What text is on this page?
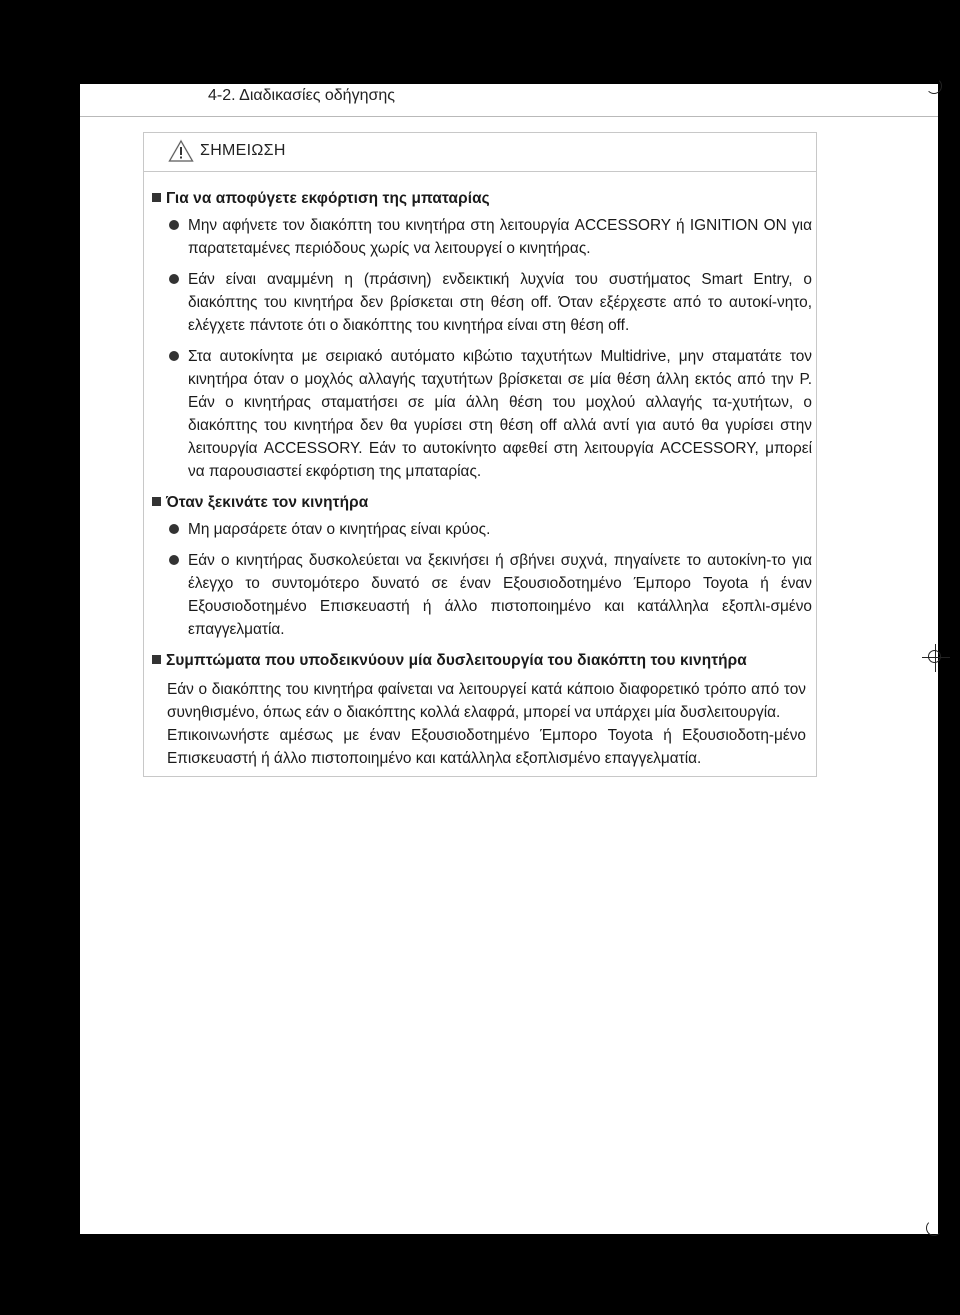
4-2. Διαδικασίες οδήγησης
ΣΗΜΕΙΩΣΗ
Για να αποφύγετε εκφόρτιση της μπαταρίας
Μην αφήνετε τον διακόπτη του κινητήρα στη λειτουργία ACCESSORY ή IGNITION ON για παρατεταμένες περιόδους χωρίς να λειτουργεί ο κινητήρας.
Εάν είναι αναμμένη η (πράσινη) ενδεικτική λυχνία του συστήματος Smart Entry, ο διακόπτης του κινητήρα δεν βρίσκεται στη θέση off. Όταν εξέρχεστε από το αυτοκί-νητο, ελέγχετε πάντοτε ότι ο διακόπτης του κινητήρα είναι στη θέση off.
Στα αυτοκίνητα με σειριακό αυτόματο κιβώτιο ταχυτήτων Multidrive, μην σταματάτε τον κινητήρα όταν ο μοχλός αλλαγής ταχυτήτων βρίσκεται σε μία θέση άλλη εκτός από την P. Εάν ο κινητήρας σταματήσει σε μία άλλη θέση του μοχλού αλλαγής τα-χυτήτων, ο διακόπτης του κινητήρα δεν θα γυρίσει στη θέση off αλλά αντί για αυτό θα γυρίσει στην λειτουργία ACCESSORY. Εάν το αυτοκίνητο αφεθεί στη λειτουργία ACCESSORY, μπορεί να παρουσιαστεί εκφόρτιση της μπαταρίας.
Όταν ξεκινάτε τον κινητήρα
Μη μαρσάρετε όταν ο κινητήρας είναι κρύος.
Εάν ο κινητήρας δυσκολεύεται να ξεκινήσει ή σβήνει συχνά, πηγαίνετε το αυτοκίνη-το για έλεγχο το συντομότερο δυνατό σε έναν Εξουσιοδοτημένο Έμπορο Toyota ή έναν Εξουσιοδοτημένο Επισκευαστή ή άλλο πιστοποιημένο και κατάλληλα εξοπλι-σμένο επαγγελματία.
Συμπτώματα που υποδεικνύουν μία δυσλειτουργία του διακόπτη του κινητήρα

Εάν ο διακόπτης του κινητήρα φαίνεται να λειτουργεί κατά κάποιο διαφορετικό τρόπο από τον συνηθισμένο, όπως εάν ο διακόπτης κολλά ελαφρά, μπορεί να υπάρχει μία δυσλειτουργία.

Επικοινωνήστε αμέσως με έναν Εξουσιοδοτημένο Έμπορο Toyota ή Εξουσιοδοτη-μένο Επισκευαστή ή άλλο πιστοποιημένο και κατάλληλα εξοπλισμένο επαγγελματία.
